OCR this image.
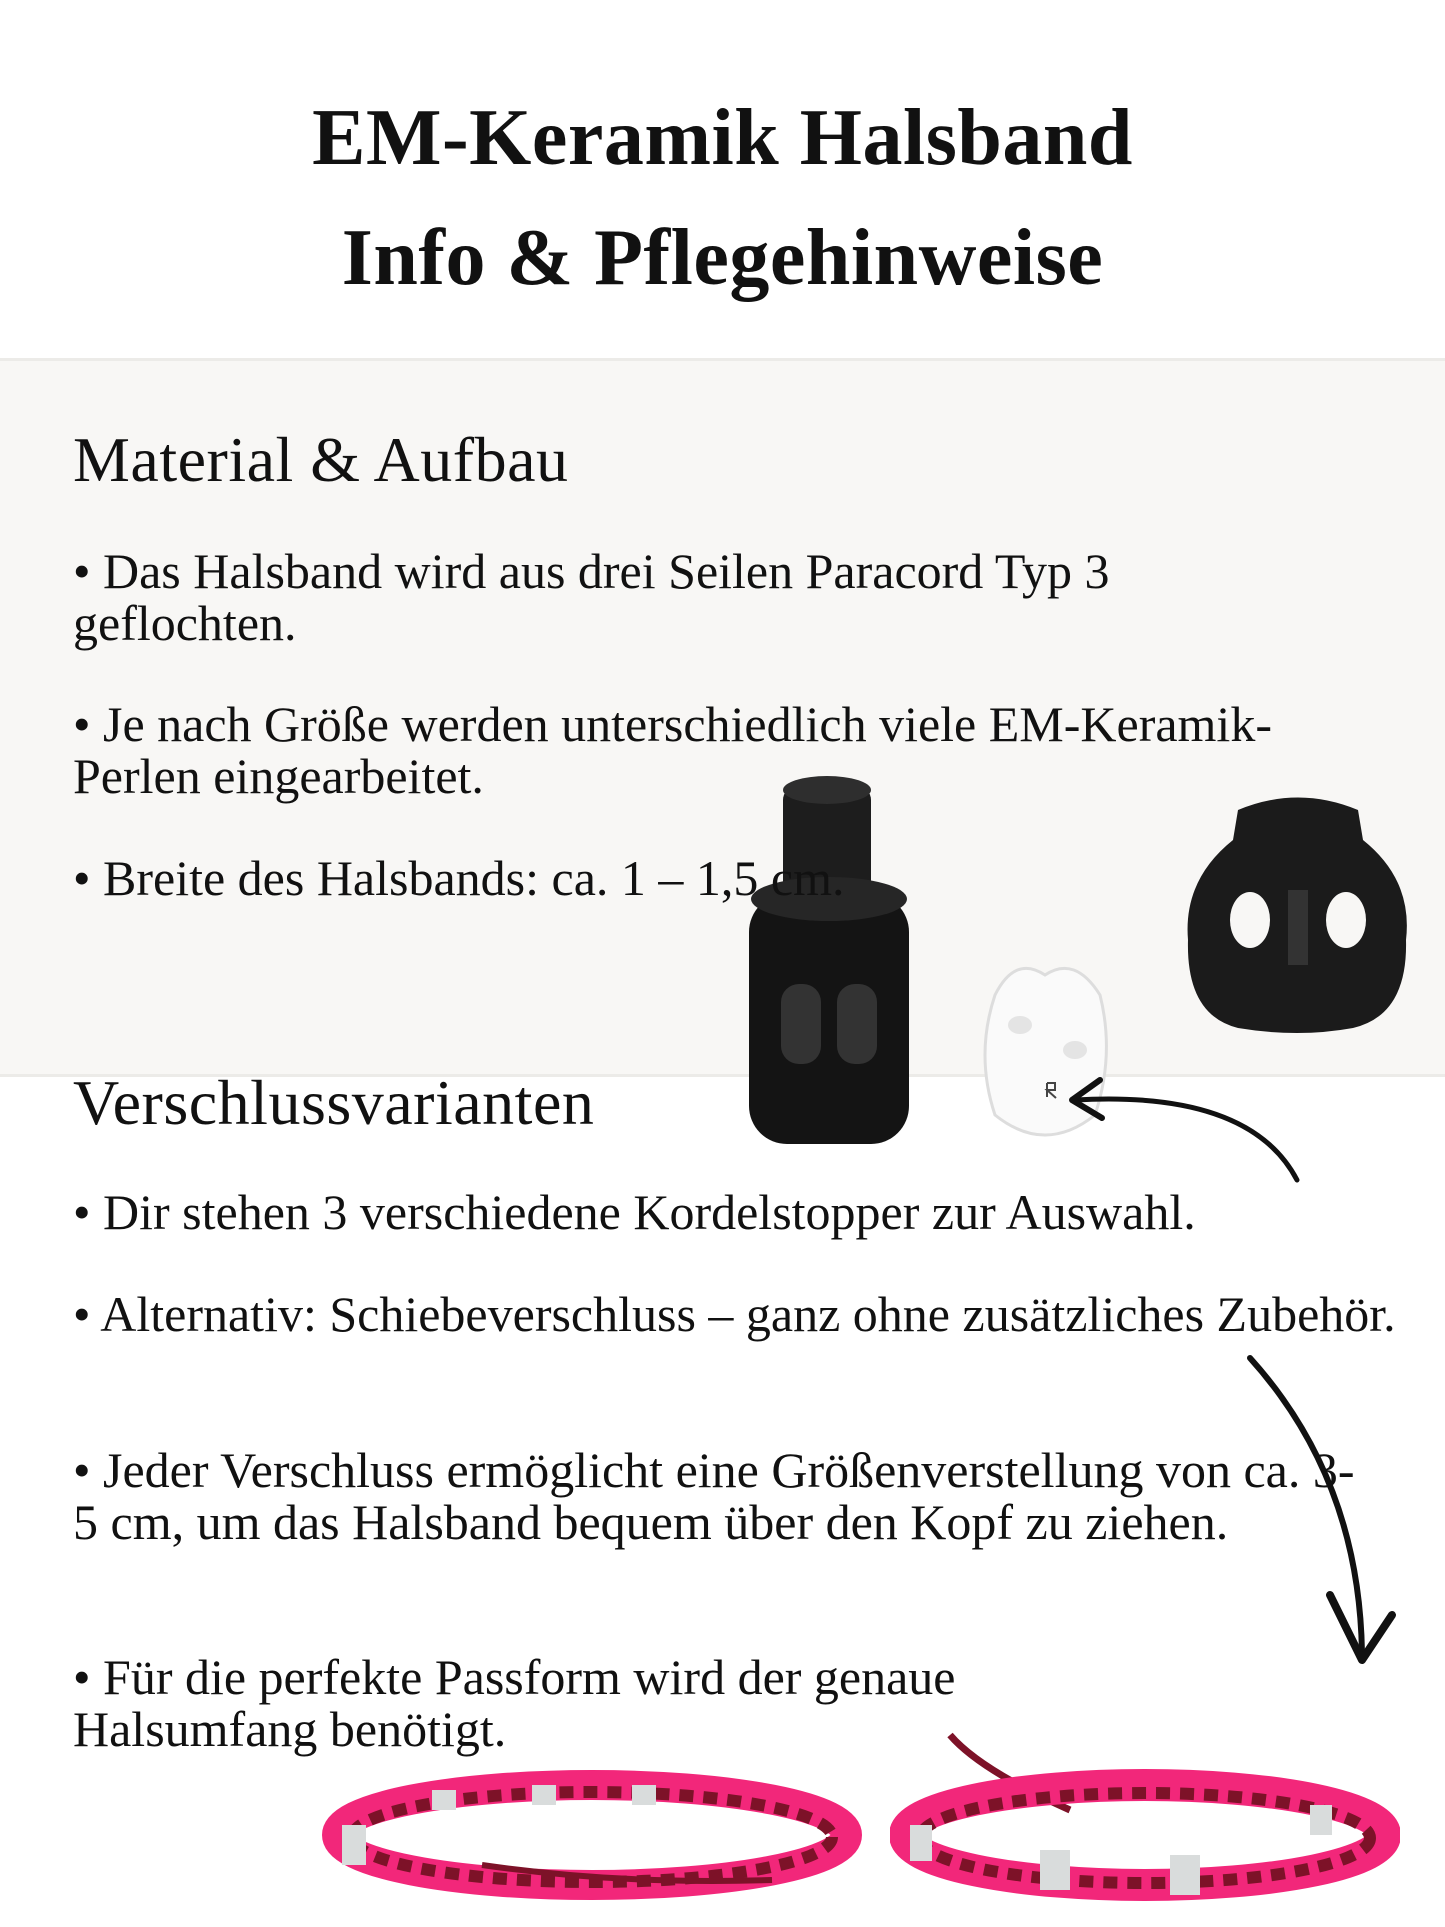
EM-Keramik Halsband
Info & Pflegehinweise
Material & Aufbau
• Das Halsband wird aus drei Seilen Paracord Typ 3 geflochten.
• Je nach Größe werden unterschiedlich viele EM-Keramik-Perlen eingearbeitet.
• Breite des Halsbands: ca. 1 – 1,5 cm.
Verschlussvarianten
• Dir stehen 3 verschiedene Kordelstopper zur Auswahl.
• Alternativ: Schiebeverschluss – ganz ohne zusätzliches Zubehör.
• Jeder Verschluss ermöglicht eine Größenverstellung von ca. 3-5 cm, um das Halsband bequem über den Kopf zu ziehen.
• Für die perfekte Passform wird der genaue Halsumfang benötigt.
